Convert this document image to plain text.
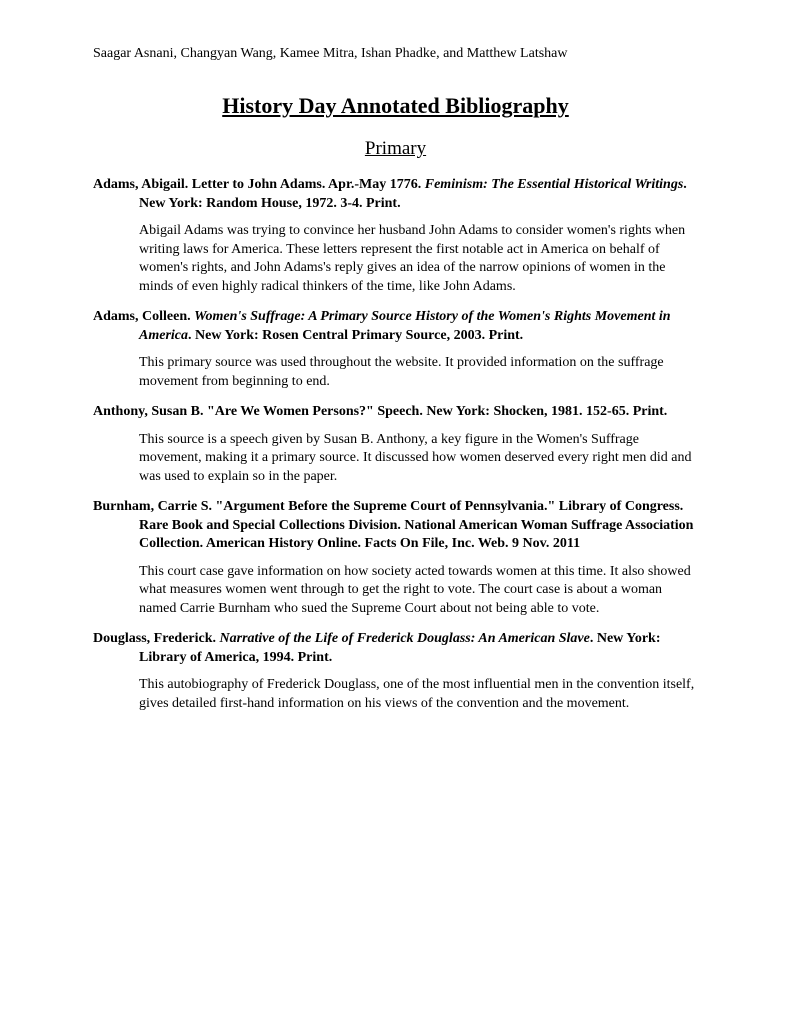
Saagar Asnani, Changyan Wang, Kamee Mitra, Ishan Phadke, and Matthew Latshaw
History Day Annotated Bibliography
Primary

Adams, Abigail. Letter to John Adams. Apr.-May 1776. Feminism: The Essential Historical Writings. New York: Random House, 1972. 3-4. Print.

Abigail Adams was trying to convince her husband John Adams to consider women's rights when writing laws for America. These letters represent the first notable act in America on behalf of women's rights, and John Adams's reply gives an idea of the narrow opinions of women in the minds of even highly radical thinkers of the time, like John Adams.

Adams, Colleen. Women's Suffrage: A Primary Source History of the Women's Rights Movement in America. New York: Rosen Central Primary Source, 2003. Print.

This primary source was used throughout the website. It provided information on the suffrage movement from beginning to end.

Anthony, Susan B. "Are We Women Persons?" Speech. New York: Shocken, 1981. 152-65. Print.

This source is a speech given by Susan B. Anthony, a key figure in the Women's Suffrage movement, making it a primary source. It discussed how women deserved every right men did and was used to explain so in the paper.

Burnham, Carrie S. "Argument Before the Supreme Court of Pennsylvania." Library of Congress. Rare Book and Special Collections Division. National American Woman Suffrage Association Collection. American History Online. Facts On File, Inc. Web. 9 Nov. 2011

This court case gave information on how society acted towards women at this time. It also showed what measures women went through to get the right to vote. The court case is about a woman named Carrie Burnham who sued the Supreme Court about not being able to vote.

Douglass, Frederick. Narrative of the Life of Frederick Douglass: An American Slave. New York: Library of America, 1994. Print.

This autobiography of Frederick Douglass, one of the most influential men in the convention itself, gives detailed first-hand information on his views of the convention and the movement.
